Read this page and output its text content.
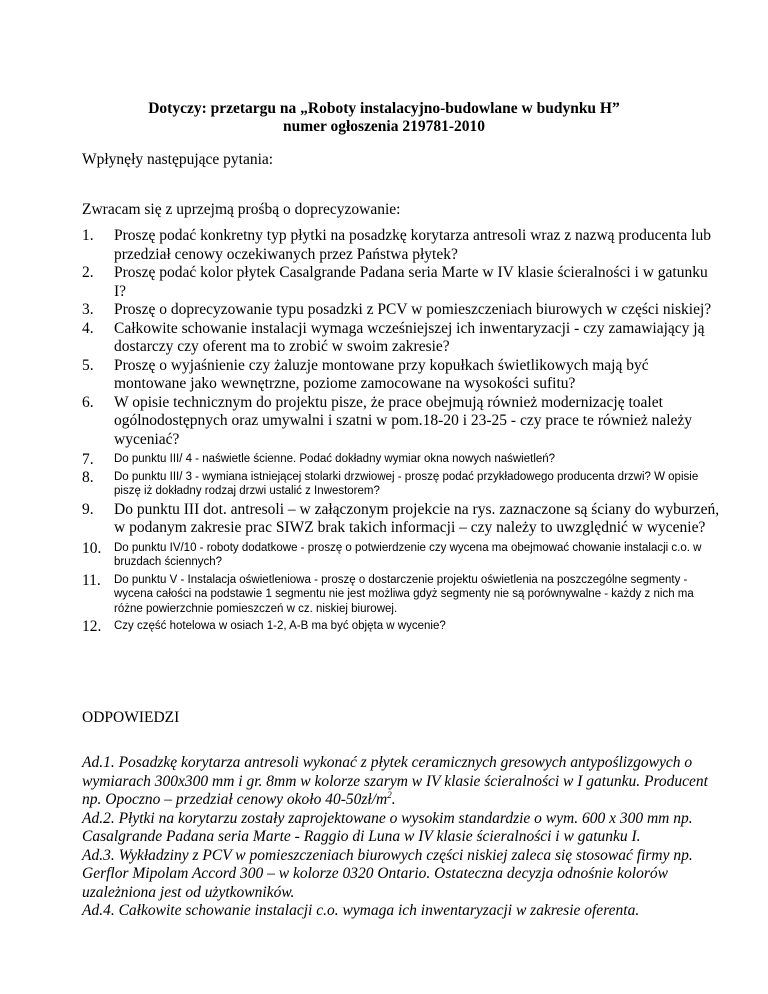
Dotyczy: przetargu na „Roboty instalacyjno-budowlane w budynku H”
numer ogłoszenia 219781-2010
Wpłynęły następujące pytania:
Zwracam się z uprzejmą prośbą o doprecyzowanie:
1. Proszę podać konkretny typ płytki na posadzkę korytarza antresoli wraz z nazwą producenta lub przedział cenowy oczekiwanych przez Państwa płytek?
2. Proszę podać kolor płytek Casalgrande Padana seria Marte w IV klasie ścieralności i w gatunku I?
3. Proszę o doprecyzowanie typu posadzki z PCV w pomieszczeniach biurowych w części niskiej?
4. Całkowite schowanie instalacji wymaga wcześniejszej ich inwentaryzacji - czy zamawiający ją dostarczy czy oferent ma to zrobić w swoim zakresie?
5. Proszę o wyjaśnienie czy żaluzje montowane przy kopułkach świetlikowych mają być montowane jako wewnętrzne, poziome zamocowane na wysokości sufitu?
6. W opisie technicznym do projektu pisze, że prace obejmują również modernizację toalet ogólnodostępnych oraz umywalni i szatni w pom.18-20 i 23-25 - czy prace te również należy wyceniać?
7. Do punktu III/ 4 - naświetle ścienne. Podać dokładny wymiar okna nowych naświetleń?
8. Do punktu III/ 3 - wymiana istniejącej stolarki drzwiowej - proszę podać przykładowego producenta drzwi? W opisie piszę iż dokładny rodzaj drzwi ustalić z Inwestorem?
9. Do punktu III dot. antresoli – w załączonym projekcie na rys. zaznaczone są ściany do wyburzeń, w podanym zakresie prac SIWZ brak takich informacji – czy należy to uwzględnić w wycenie?
10. Do punktu IV/10 - roboty dodatkowe - proszę o potwierdzenie czy wycena ma obejmować chowanie instalacji c.o. w bruzdach ściennych?
11. Do punktu V - Instalacja oświetleniowa - proszę o dostarczenie projektu oświetlenia na poszczególne segmenty - wycena całości na podstawie 1 segmentu nie jest możliwa gdyż segmenty nie są porównywalne - każdy z nich ma różne powierzchnie pomieszczeń w cz. niskiej biurowej.
12. Czy część hotelowa w osiach 1-2, A-B ma być objęta w wycenie?
ODPOWIEDZI

Ad.1. Posadzkę korytarza antresoli wykonać z płytek ceramicznych gresowych antypoślizgowych o wymiarach 300x300 mm i gr. 8mm w kolorze szarym w IV klasie ścieralności w I gatunku. Producent np. Opoczno – przedział cenowy około $40-50zł/m^2$.

Ad.2. Płytki na korytarzu zostały zaprojektowane o wysokim standardzie o wym. 600 x 300 mm np. Casalgrande Padana seria Marte - Raggio di Luna w IV klasie ścieralności i w gatunku I.

Ad.3. Wykładziny z PCV w pomieszczeniach biurowych części niskiej zaleca się stosować firmy np. Gerflor Mipolam Accord 300 – w kolorze 0320 Ontario. Ostateczna decyzja odnośnie kolorów uzależniona jest od użytkowników.

Ad.4. Całkowite schowanie instalacji c.o. wymaga ich inwentaryzacji w zakresie oferenta.
